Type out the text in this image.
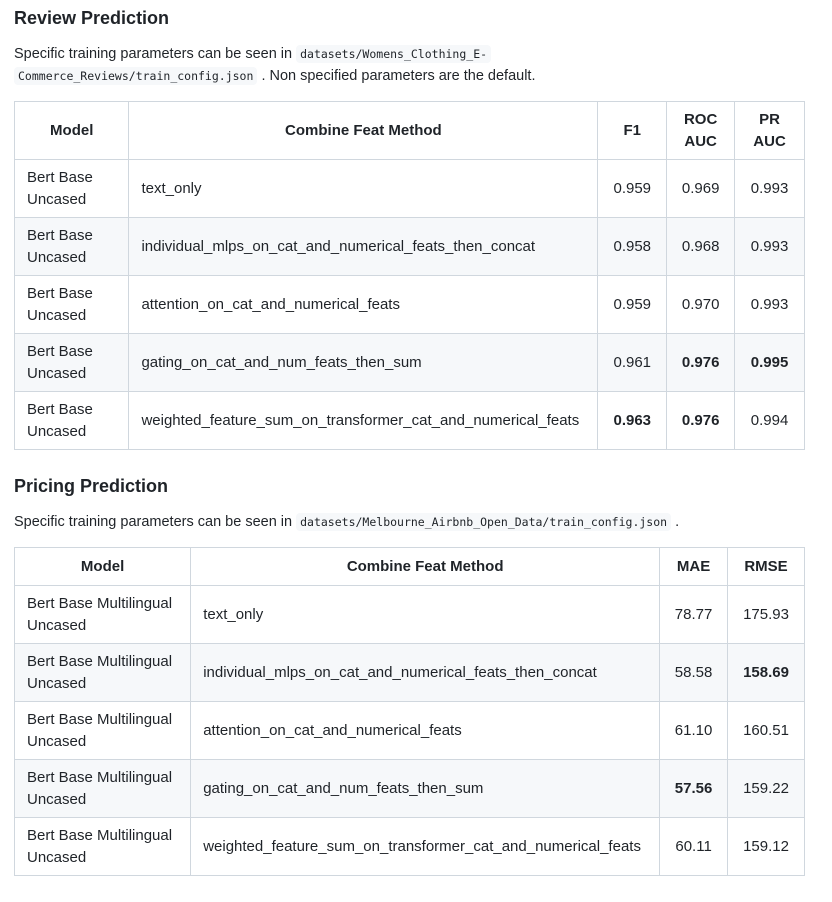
Review Prediction

Specific training parameters can be seen in datasets/Womens_Clothing_E-
Commerce_Reviews/train_config.json . Non specified parameters are the default.

Model	Combine Feat Method	F1	ROC AUC	PR AUC
Bert Base Uncased	text_only	0.959	0.969	0.993
Bert Base Uncased	individual_mlps_on_cat_and_numerical_feats_then_concat	0.958	0.968	0.993
Bert Base Uncased	attention_on_cat_and_numerical_feats	0.959	0.970	0.993
Bert Base Uncased	gating_on_cat_and_num_feats_then_sum	0.961	0.976	0.995
Bert Base Uncased	weighted_feature_sum_on_transformer_cat_and_numerical_feats	0.963	0.976	0.994
Pricing Prediction

Specific training parameters can be seen in datasets/Melbourne_Airbnb_Open_Data/train_config.json .

Model	Combine Feat Method	MAE	RMSE
Bert Base Multilingual Uncased	text_only	78.77	175.93
Bert Base Multilingual Uncased	individual_mlps_on_cat_and_numerical_feats_then_concat	58.58	158.69
Bert Base Multilingual Uncased	attention_on_cat_and_numerical_feats	61.10	160.51
Bert Base Multilingual Uncased	gating_on_cat_and_num_feats_then_sum	57.56	159.22
Bert Base Multilingual Uncased	weighted_feature_sum_on_transformer_cat_and_numerical_feats	60.11	159.12
